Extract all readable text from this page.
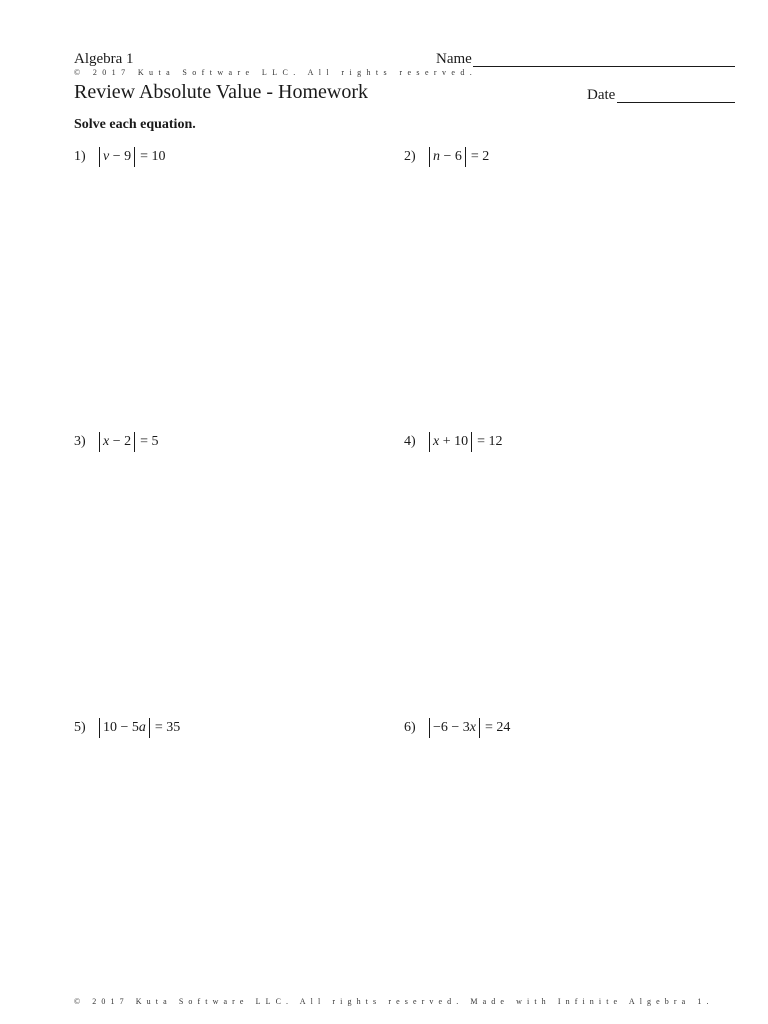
Algebra 1	Name
© 2017 Kuta Software LLC. All rights reserved.
Review Absolute Value - Homework	Date
Solve each equation.
1)	v − 9 = 10	2)	n − 6 = 2
3)	x − 2 = 5	4)	x + 10 = 12
5)	10 − 5a = 35	6)	−6 − 3x = 24
© 2017 Kuta Software LLC. All rights reserved. Made with Infinite Algebra 1.
